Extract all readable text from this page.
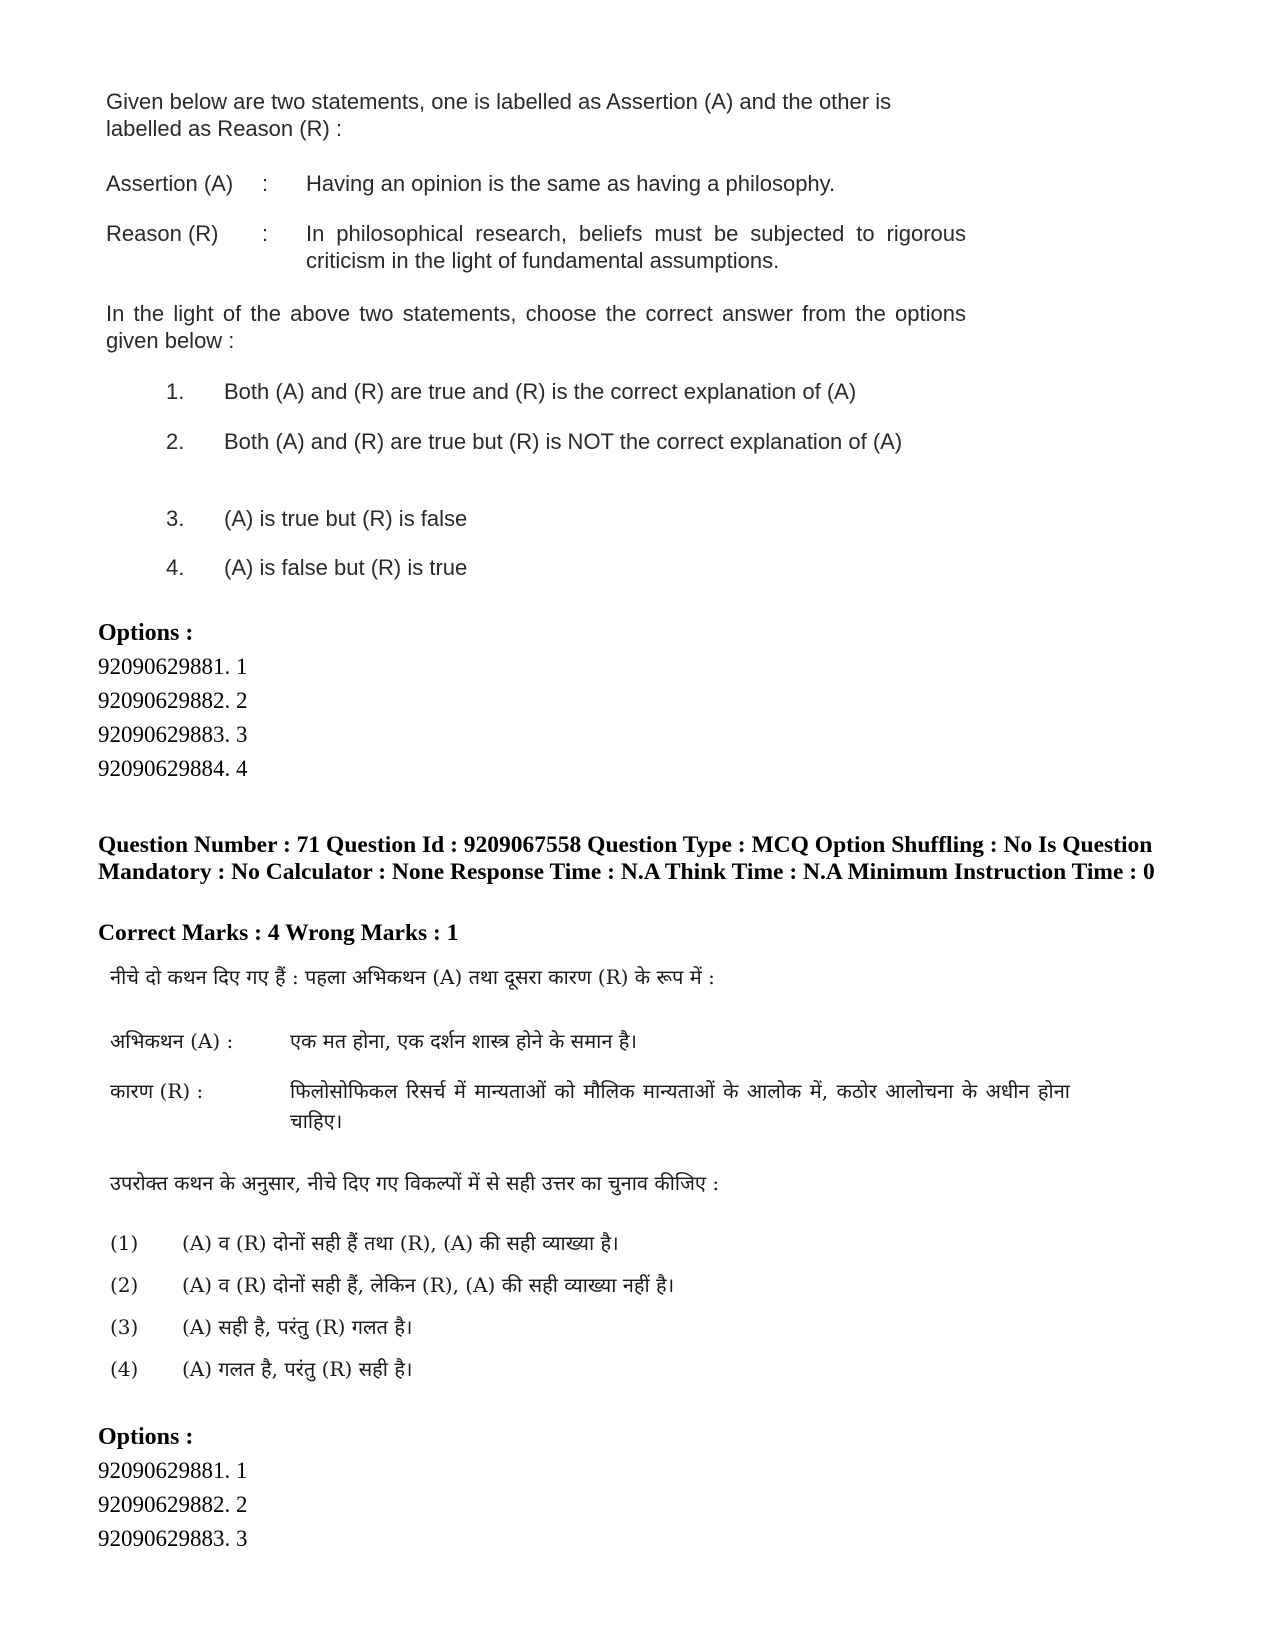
Given below are two statements, one is labelled as Assertion (A) and the other is labelled as Reason (R) :

Assertion (A)	: Having an opinion is the same as having a philosophy.
Reason (R)	: In philosophical research, beliefs must be subjected to rigorous criticism in the light of fundamental assumptions.
In the light of the above two statements, choose the correct answer from the options given below :
1. Both (A) and (R) are true and (R) is the correct explanation of (A)
2. Both (A) and (R) are true but (R) is NOT the correct explanation of (A)
3. (A) is true but (R) is false
4. (A) is false but (R) is true
Options :
92090629881. 1
92090629882. 2
92090629883. 3
92090629884. 4
Question Number : 71 Question Id : 9209067558 Question Type : MCQ Option Shuffling : No Is Question Mandatory : No Calculator : None Response Time : N.A Think Time : N.A Minimum Instruction Time : 0
Correct Marks : 4 Wrong Marks : 1
नीचे दो कथन दिए गए हैं : पहला अभिकथन (A) तथा दूसरा कारण (R) के रूप में :
अभिकथन (A) :	एक मत होना, एक दर्शन शास्त्र होने के समान है।
कारण (R) :	फिलोसोफिकल रिसर्च में मान्यताओं को मौलिक मान्यताओं के आलोक में, कठोर आलोचना के अधीन होना चाहिए।
उपरोक्त कथन के अनुसार, नीचे दिए गए विकल्पों में से सही उत्तर का चुनाव कीजिए :
(1) (A) व (R) दोनों सही हैं तथा (R), (A) की सही व्याख्या है।
(2) (A) व (R) दोनों सही हैं, लेकिन (R), (A) की सही व्याख्या नहीं है।
(3) (A) सही है, परंतु (R) गलत है।
(4) (A) गलत है, परंतु (R) सही है।
Options :
92090629881. 1
92090629882. 2
92090629883. 3
